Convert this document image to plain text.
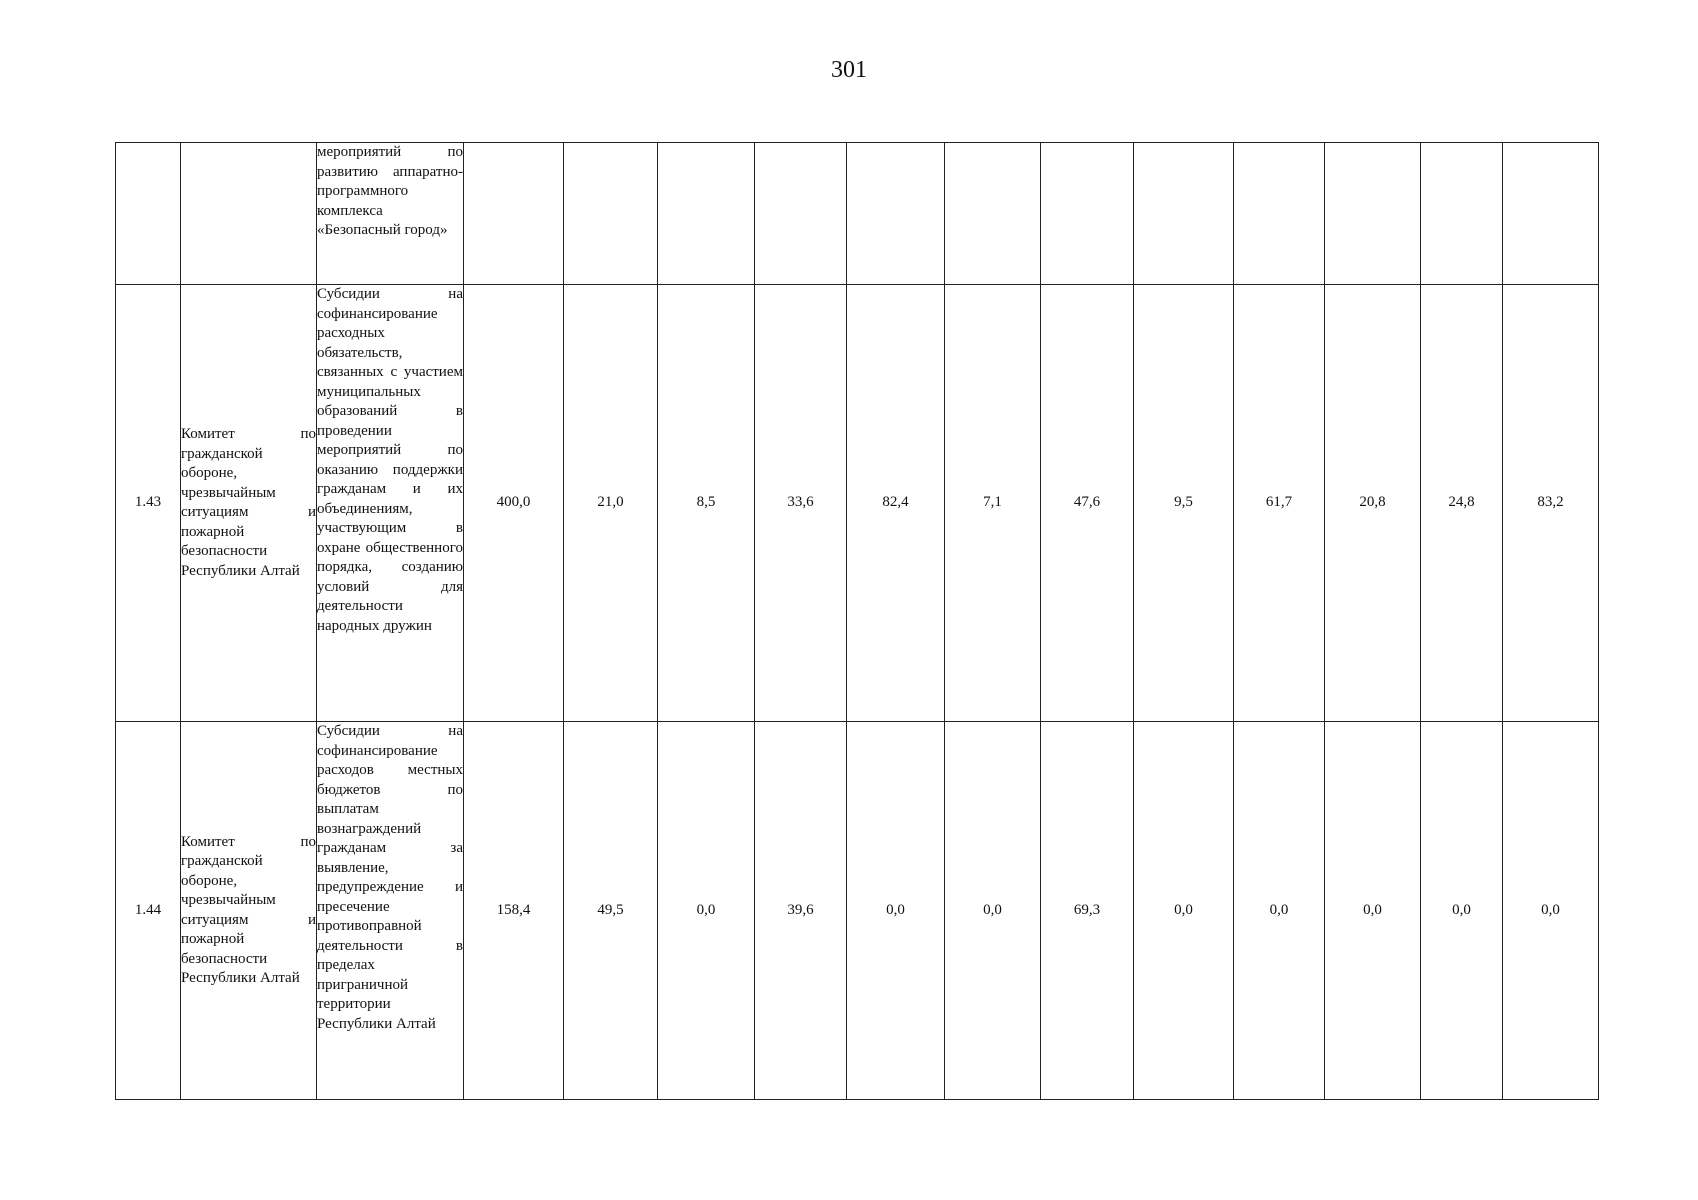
301
		мероприятий по развитию аппаратно-программного комплекса «Безопасный город»												
1.43	Комитет по гражданской обороне, чрезвычайным ситуациям и пожарной безопасности Республики Алтай	Субсидии на софинансирование расходных обязательств, связанных с участием муниципальных образований в проведении мероприятий по оказанию поддержки гражданам и их объединениям, участвующим в охране общественного порядка, созданию условий для деятельности народных дружин	400,0	21,0	8,5	33,6	82,4	7,1	47,6	9,5	61,7	20,8	24,8	83,2
1.44	Комитет по гражданской обороне, чрезвычайным ситуациям и пожарной безопасности Республики Алтай	Субсидии на софинансирование расходов местных бюджетов по выплатам вознаграждений гражданам за выявление, предупреждение и пресечение противоправной деятельности в пределах приграничной территории Республики Алтай	158,4	49,5	0,0	39,6	0,0	0,0	69,3	0,0	0,0	0,0	0,0	0,0
